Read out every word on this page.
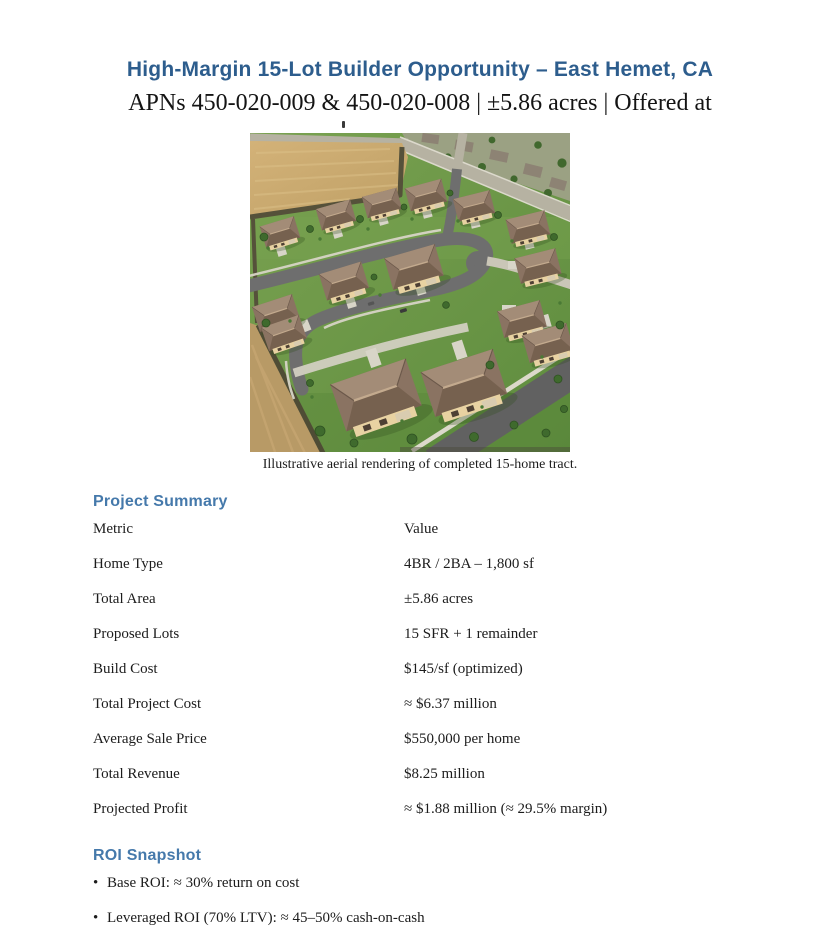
High-Margin 15-Lot Builder Opportunity – East Hemet, CA
APNs 450-020-009 & 450-020-008 | ±5.86 acres | Offered at
Illustrative aerial rendering of completed 15-home tract.
Project Summary
Metric	Value
Home Type	4BR / 2BA – 1,800 sf
Total Area	±5.86 acres
Proposed Lots	15 SFR + 1 remainder
Build Cost	$145/sf (optimized)
Total Project Cost	≈ $6.37 million
Average Sale Price	$550,000 per home
Total Revenue	$8.25 million
Projected Profit	≈ $1.88 million (≈ 29.5% margin)
ROI Snapshot
• Base ROI: ≈ 30% return on cost
• Leveraged ROI (70% LTV): ≈ 45–50% cash-on-cash
